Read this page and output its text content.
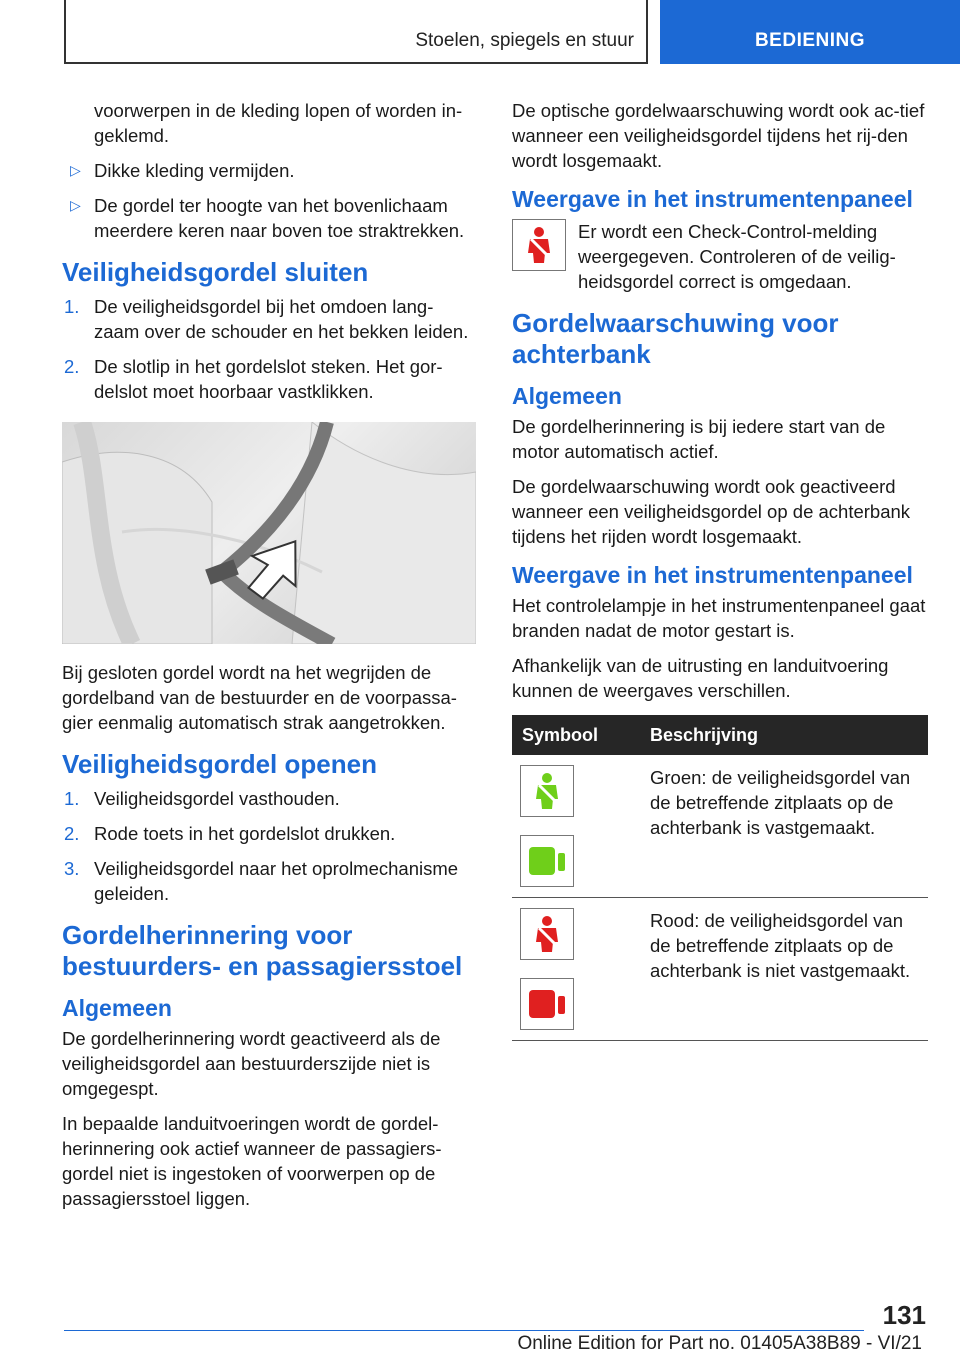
Stoelen, spiegels en stuur	BEDIENING

voorwerpen in de kleding lopen of worden in-geklemd.

▷ Dikke kleding vermijden.
▷ De gordel ter hoogte van het bovenlichaam meerdere keren naar boven toe straktrekken.
Veiligheidsgordel sluiten
1. De veiligheidsgordel bij het omdoen lang-zaam over de schouder en het bekken leiden.
2. De slotlip in het gordelslot steken. Het gor-delslot moet hoorbaar vastklikken.

Bij gesloten gordel wordt na het wegrijden de gordelband van de bestuurder en de voorpassa-gier eenmalig automatisch strak aangetrokken.

Veiligheidsgordel openen
1. Veiligheidsgordel vasthouden.
2. Rode toets in het gordelslot drukken.
3. Veiligheidsgordel naar het oprolmechanisme geleiden.
Gordelherinnering voor bestuurders- en passagiersstoel
Algemeen

De gordelherinnering wordt geactiveerd als de veiligheidsgordel aan bestuurderszijde niet is omgegespt.

In bepaalde landuitvoeringen wordt de gordel-herinnering ook actief wanneer de passagiers-gordel niet is ingestoken of voorwerpen op de passagiersstoel liggen.

De optische gordelwaarschuwing wordt ook ac-tief wanneer een veiligheidsgordel tijdens het rij-den wordt losgemaakt.

Weergave in het instrumentenpaneel
Er wordt een Check-Control-melding weergegeven. Controleren of de veilig-heidsgordel correct is omgedaan.
Gordelwaarschuwing voor achterbank
Algemeen

De gordelherinnering is bij iedere start van de motor automatisch actief.

De gordelwaarschuwing wordt ook geactiveerd wanneer een veiligheidsgordel op de achterbank tijdens het rijden wordt losgemaakt.

Weergave in het instrumentenpaneel

Het controlelampje in het instrumentenpaneel gaat branden nadat de motor gestart is.

Afhankelijk van de uitrusting en landuitvoering kunnen de weergaves verschillen.

Symbool	Beschrijving

	Groen: de veiligheidsgordel van de betreffende zitplaats op de achterbank is vastgemaakt.

	Rood: de veiligheidsgordel van de betreffende zitplaats op de achterbank is niet vastgemaakt.
131
Online Edition for Part no. 01405A38B89 - VI/21
